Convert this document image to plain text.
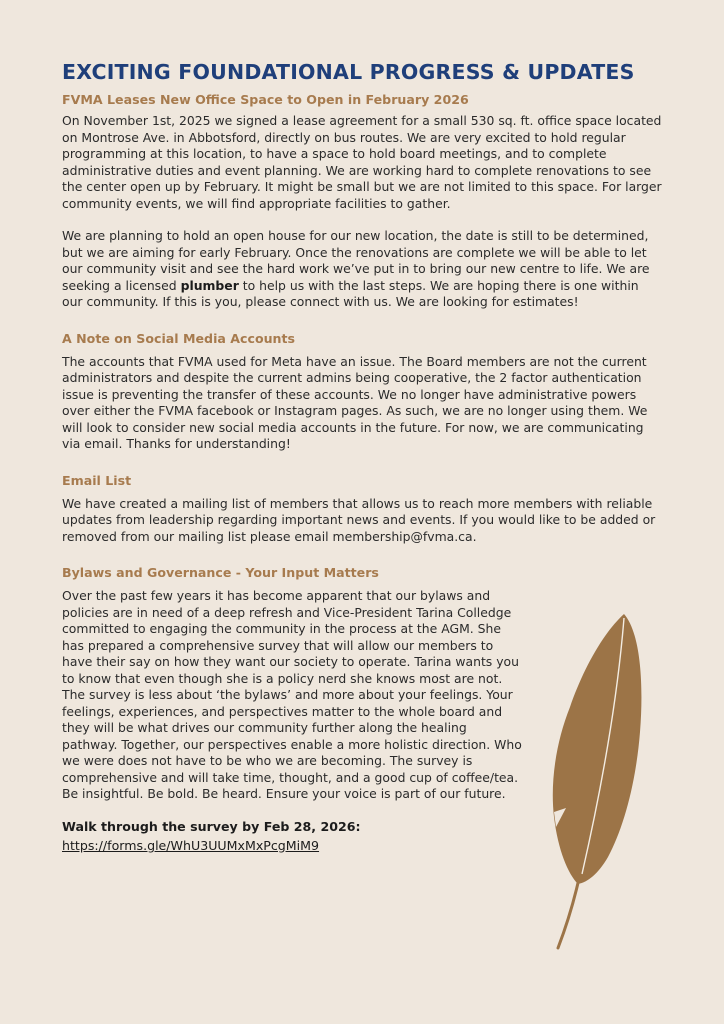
EXCITING FOUNDATIONAL PROGRESS & UPDATES
FVMA Leases New Office Space to Open in February 2026

On November 1st, 2025 we signed a lease agreement for a small 530 sq. ft. office space located on Montrose Ave. in Abbotsford, directly on bus routes. We are very excited to hold regular programming at this location, to have a space to hold board meetings, and to complete administrative duties and event planning. We are working hard to complete renovations to see the center open up by February. It might be small but we are not limited to this space. For larger community events, we will find appropriate facilities to gather.

We are planning to hold an open house for our new location, the date is still to be determined, but we are aiming for early February. Once the renovations are complete we will be able to let our community visit and see the hard work we’ve put in to bring our new centre to life. We are seeking a licensed plumber to help us with the last steps. We are hoping there is one within our community. If this is you, please connect with us. We are looking for estimates!

A Note on Social Media Accounts

The accounts that FVMA used for Meta have an issue. The Board members are not the current administrators and despite the current admins being cooperative, the 2 factor authentication issue is preventing the transfer of these accounts. We no longer have administrative powers over either the FVMA facebook or Instagram pages. As such, we are no longer using them. We will look to consider new social media accounts in the future. For now, we are communicating via email. Thanks for understanding!

Email List

We have created a mailing list of members that allows us to reach more members with reliable updates from leadership regarding important news and events. If you would like to be added or removed from our mailing list please email membership@fvma.ca.

Bylaws and Governance - Your Input Matters

Over the past few years it has become apparent that our bylaws and policies are in need of a deep refresh and Vice-President Tarina Colledge committed to engaging the community in the process at the AGM. She has prepared a comprehensive survey that will allow our members to have their say on how they want our society to operate. Tarina wants you to know that even though she is a policy nerd she knows most are not. The survey is less about ‘the bylaws’ and more about your feelings. Your feelings, experiences, and perspectives matter to the whole board and they will be what drives our community further along the healing pathway. Together, our perspectives enable a more holistic direction. Who we were does not have to be who we are becoming. The survey is comprehensive and will take time, thought, and a good cup of coffee/tea. Be insightful. Be bold. Be heard. Ensure your voice is part of our future.

Walk through the survey by Feb 28, 2026:
https://forms.gle/WhU3UUMxMxPcgMiM9
